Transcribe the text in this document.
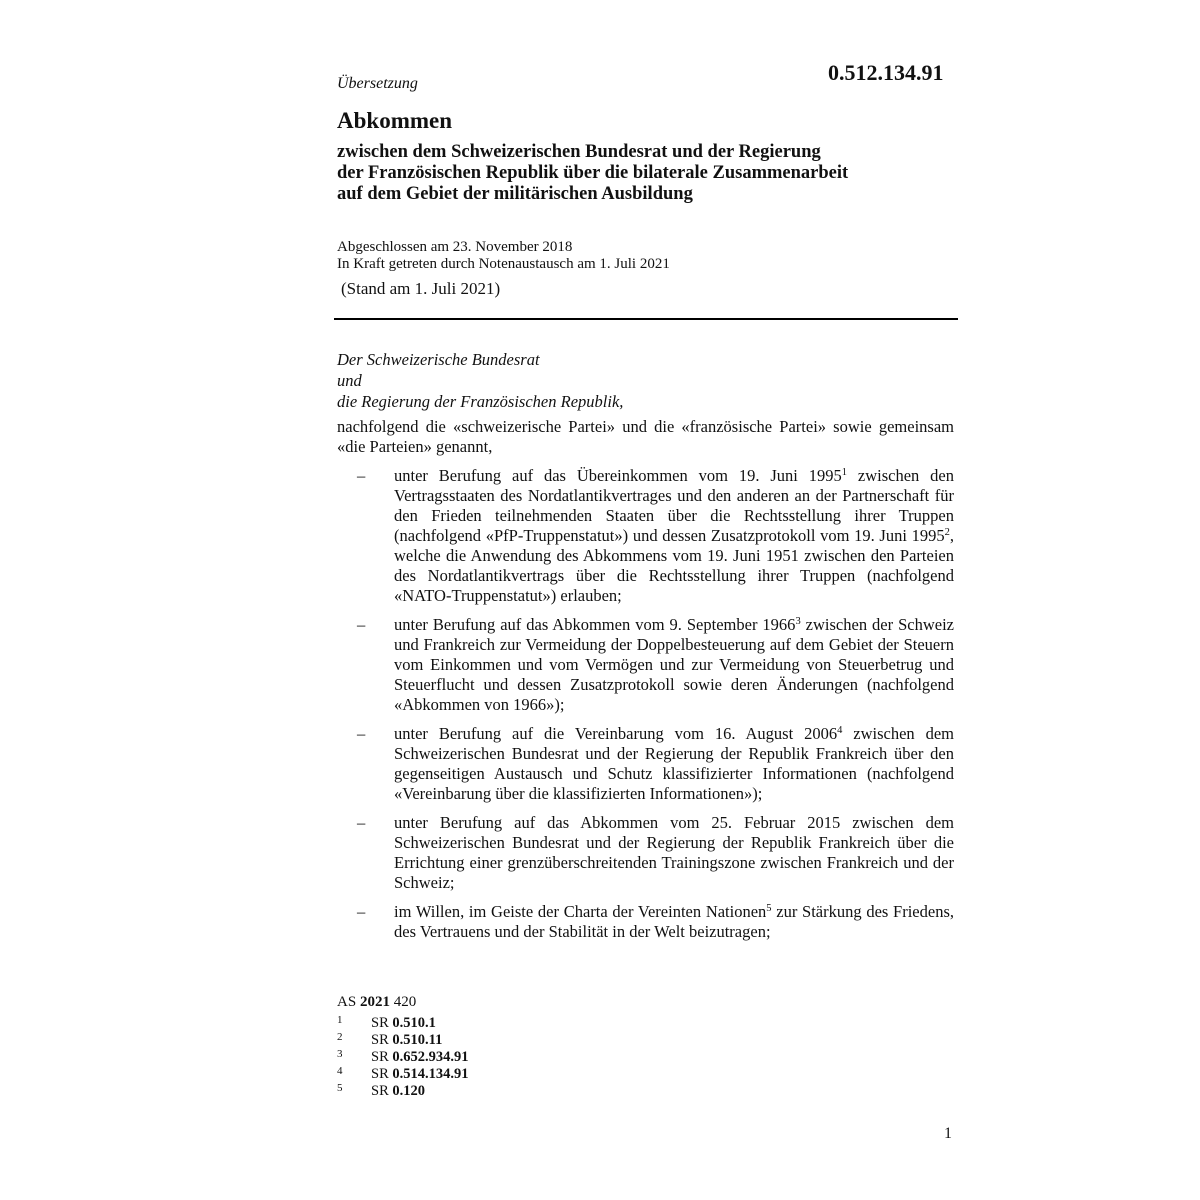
Übersetzung	0.512.134.91
Abkommen
zwischen dem Schweizerischen Bundesrat und der Regierung
der Französischen Republik über die bilaterale Zusammenarbeit
auf dem Gebiet der militärischen Ausbildung
Abgeschlossen am 23. November 2018
In Kraft getreten durch Notenaustausch am 1. Juli 2021
(Stand am 1. Juli 2021)
Der Schweizerische Bundesrat
und
die Regierung der Französischen Republik,
nachfolgend die «schweizerische Partei» und die «französische Partei» sowie gemeinsam «die Parteien» genannt,
– unter Berufung auf das Übereinkommen vom 19. Juni 1995$^1$ zwischen den Vertragsstaaten des Nordatlantikvertrages und den anderen an der Partnerschaft für den Frieden teilnehmenden Staaten über die Rechtsstellung ihrer Truppen (nachfolgend «PfP-Truppenstatut») und dessen Zusatzprotokoll vom 19. Juni 1995$^2$, welche die Anwendung des Abkommens vom 19. Juni 1951 zwischen den Parteien des Nordatlantikvertrags über die Rechtsstellung ihrer Truppen (nachfolgend «NATO-Truppenstatut») erlauben;
– unter Berufung auf das Abkommen vom 9. September 1966$^3$ zwischen der Schweiz und Frankreich zur Vermeidung der Doppelbesteuerung auf dem Gebiet der Steuern vom Einkommen und vom Vermögen und zur Vermeidung von Steuerbetrug und Steuerflucht und dessen Zusatzprotokoll sowie deren Änderungen (nachfolgend «Abkommen von 1966»);
– unter Berufung auf die Vereinbarung vom 16. August 2006$^4$ zwischen dem Schweizerischen Bundesrat und der Regierung der Republik Frankreich über den gegenseitigen Austausch und Schutz klassifizierter Informationen (nachfolgend «Vereinbarung über die klassifizierten Informationen»);
– unter Berufung auf das Abkommen vom 25. Februar 2015 zwischen dem Schweizerischen Bundesrat und der Regierung der Republik Frankreich über die Errichtung einer grenzüberschreitenden Trainingszone zwischen Frankreich und der Schweiz;
– im Willen, im Geiste der Charta der Vereinten Nationen$^5$ zur Stärkung des Friedens, des Vertrauens und der Stabilität in der Welt beizutragen;
AS 2021 420
1 SR 0.510.1
2 SR 0.510.11
3 SR 0.652.934.91
4 SR 0.514.134.91
5 SR 0.120
1
